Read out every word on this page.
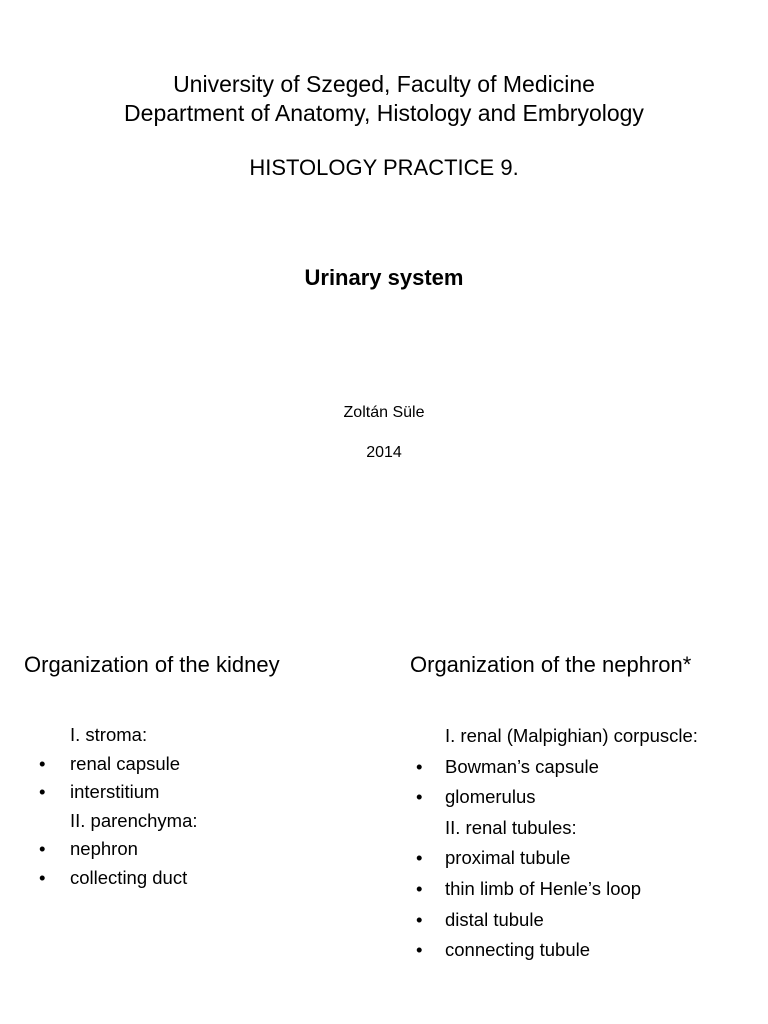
University of Szeged, Faculty of Medicine
Department of Anatomy, Histology and Embryology
HISTOLOGY PRACTICE 9.
Urinary system
Zoltán Süle
2014
Organization of the kidney
I. stroma:
• renal capsule
• interstitium
II. parenchyma:
• nephron
• collecting duct
Organization of the nephron*
I. renal (Malpighian) corpuscle:
• Bowman’s capsule
• glomerulus
II. renal tubules:
• proximal tubule
• thin limb of Henle’s loop
• distal tubule
• connecting tubule
